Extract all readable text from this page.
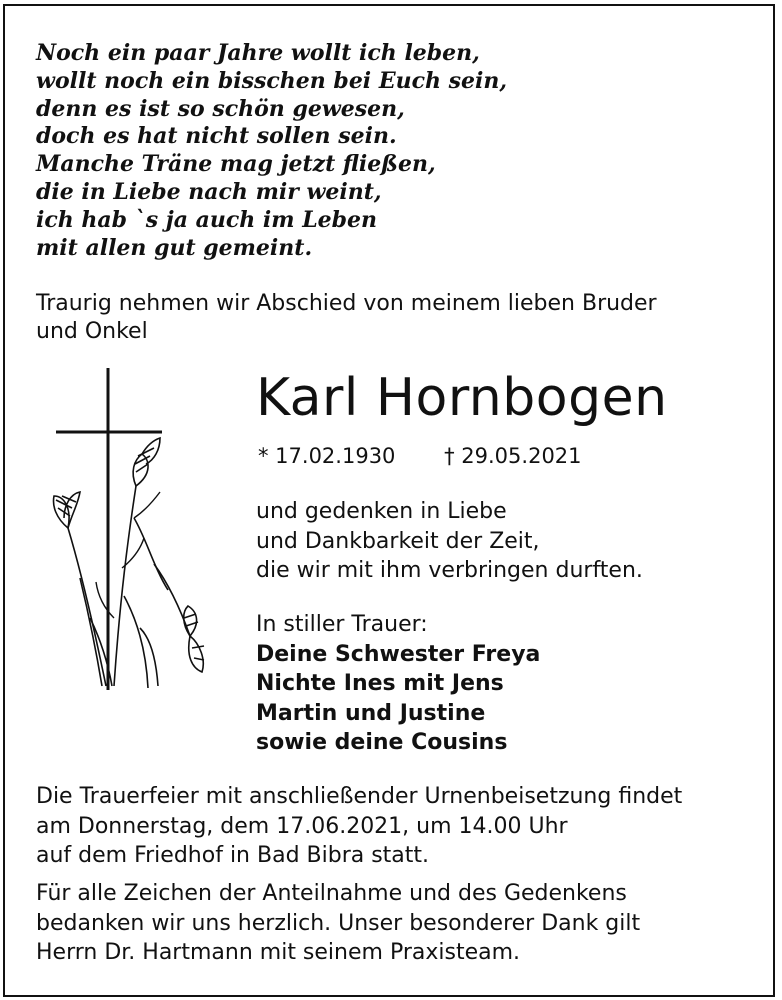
Noch ein paar Jahre wollt ich leben,
wollt noch ein bisschen bei Euch sein,
denn es ist so schön gewesen,
doch es hat nicht sollen sein.
Manche Träne mag jetzt fließen,
die in Liebe nach mir weint,
ich hab `s ja auch im Leben
mit allen gut gemeint.
Traurig nehmen wir Abschied von meinem lieben Bruder
und Onkel
Karl Hornbogen
* 17.02.1930 † 29.05.2021
und gedenken in Liebe
und Dankbarkeit der Zeit,
die wir mit ihm verbringen durften.
In stiller Trauer:
Deine Schwester Freya
Nichte Ines mit Jens
Martin und Justine
sowie deine Cousins
Die Trauerfeier mit anschließender Urnenbeisetzung findet
am Donnerstag, dem 17.06.2021, um 14.00 Uhr
auf dem Friedhof in Bad Bibra statt.
Für alle Zeichen der Anteilnahme und des Gedenkens
bedanken wir uns herzlich. Unser besonderer Dank gilt
Herrn Dr. Hartmann mit seinem Praxisteam.
